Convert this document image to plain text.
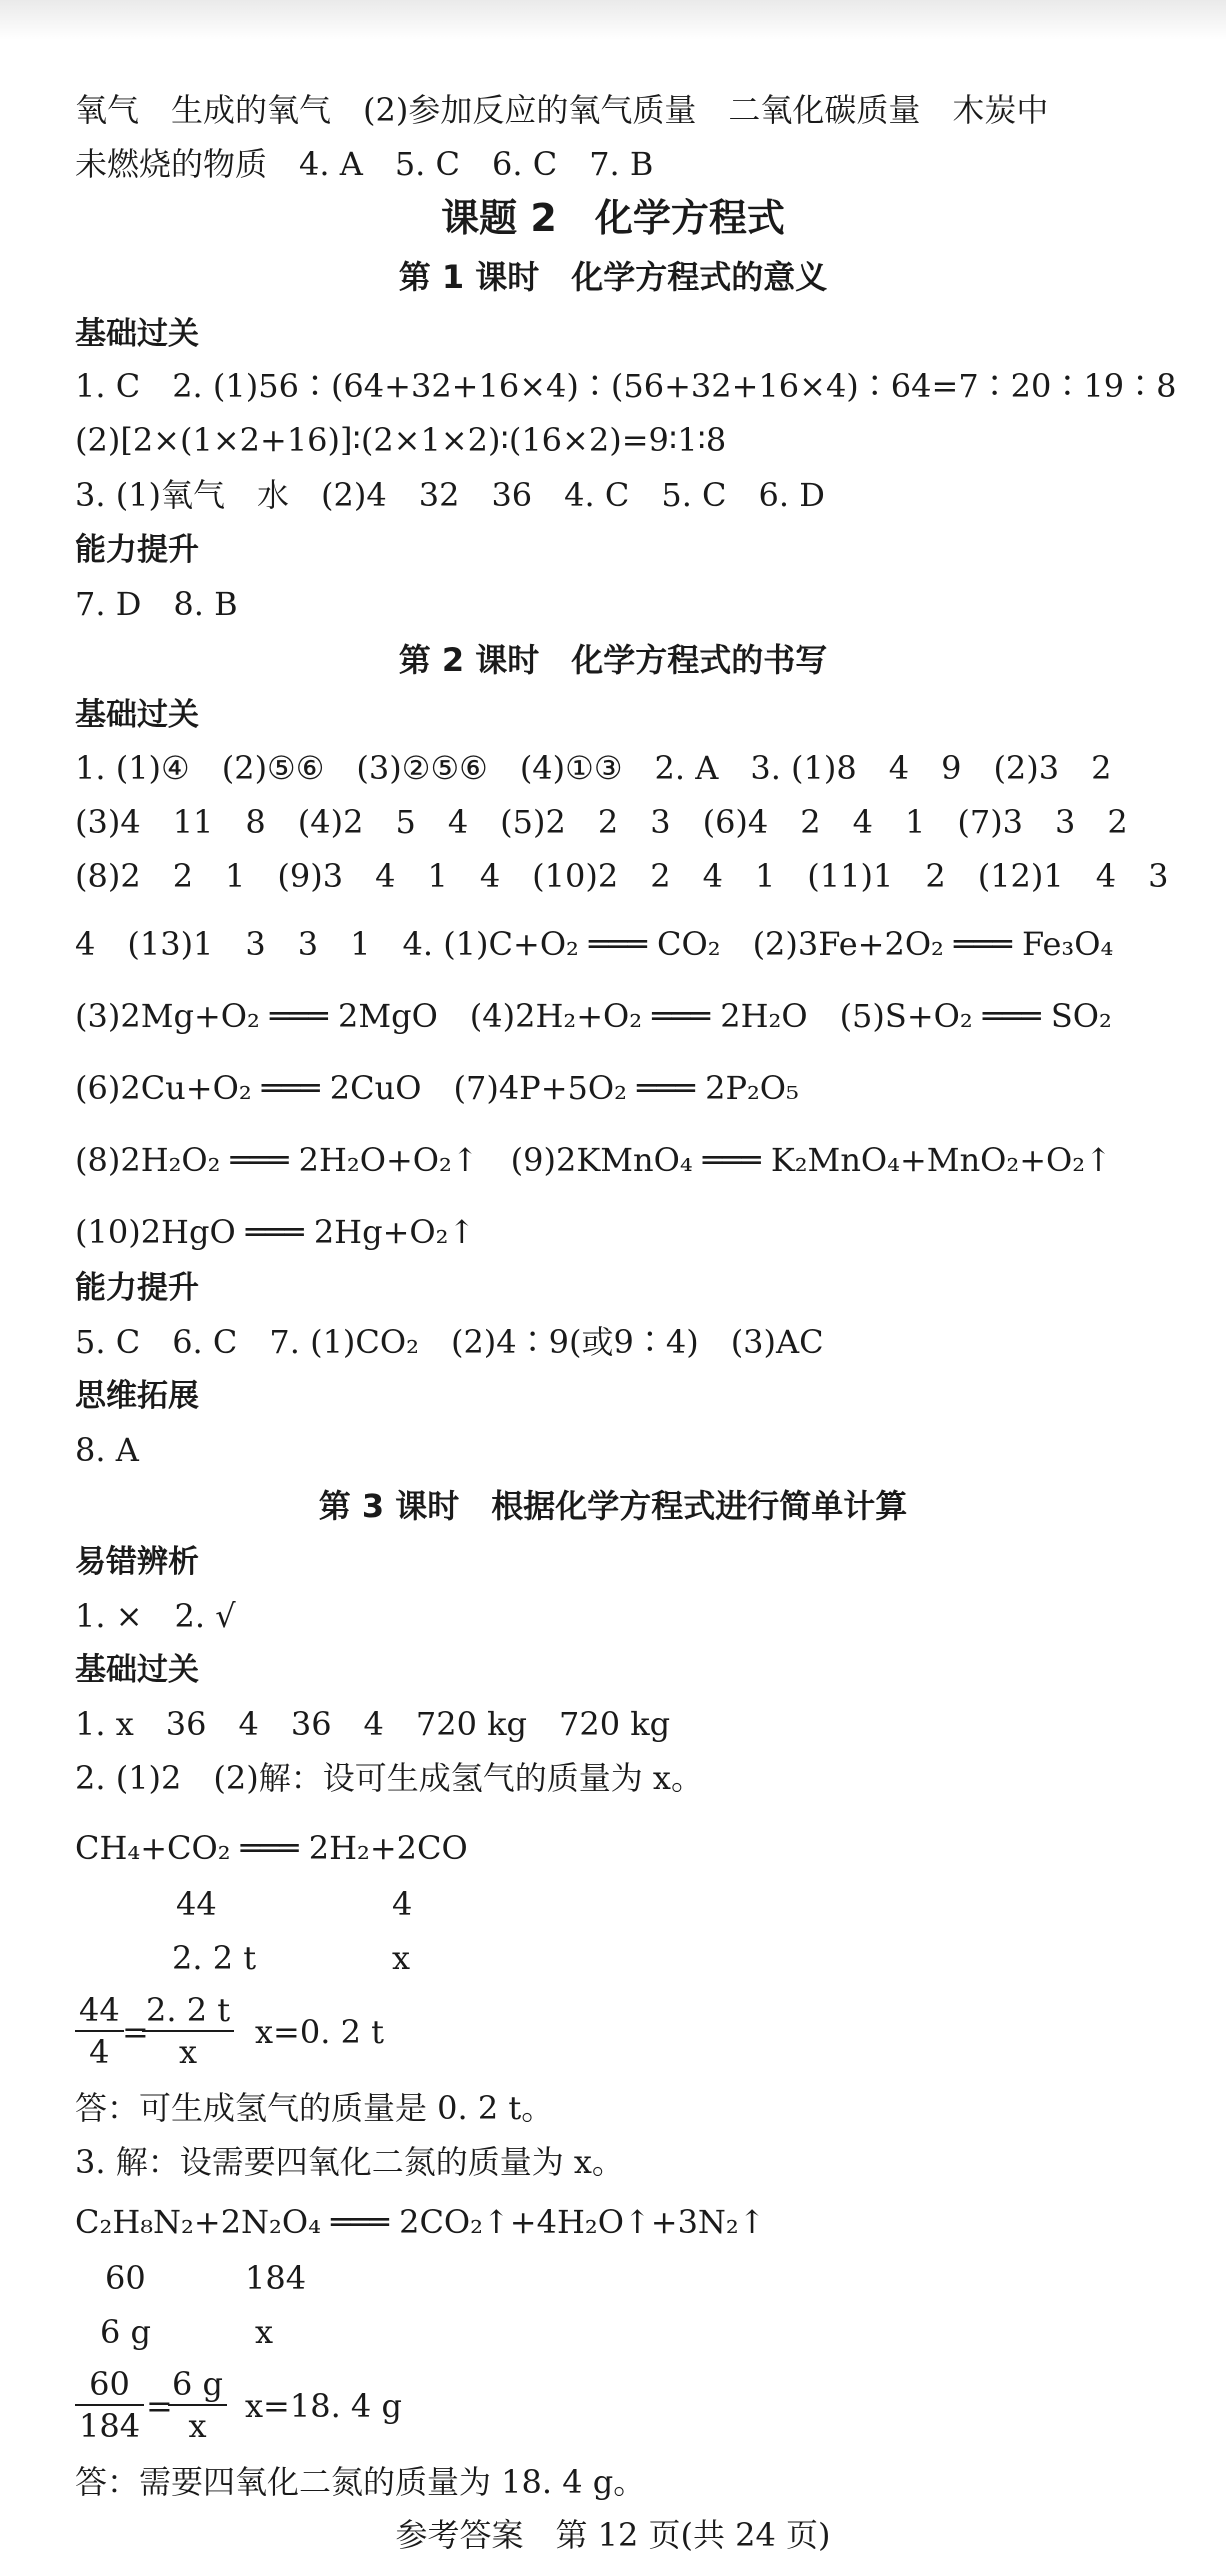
氧气　生成的氧气　(2)参加反应的氧气质量　二氧化碳质量　木炭中
未燃烧的物质　4. A　5. C　6. C　7. B
课题 2　化学方程式
第 1 课时　化学方程式的意义
基础过关
1. C　2. (1)56∶(64+32+16×4)∶(56+32+16×4)∶64=7∶20∶19∶8
(2)[2×(1×2+16)]∶(2×1×2)∶(16×2)=9∶1∶8
3. (1)氧气　水　(2)4　32　36　4. C　5. C　6. D
能力提升
7. D　8. B
第 2 课时　化学方程式的书写
基础过关
1. (1)④　(2)⑤⑥　(3)②⑤⑥　(4)①③　2. A　3. (1)8　4　9　(2)3　2
(3)4　11　8　(4)2　5　4　(5)2　2　3　(6)4　2　4　1　(7)3　3　2
(8)2　2　1　(9)3　4　1　4　(10)2　2　4　1　(11)1　2　(12)1　4　3
4　(13)1　3　3　1　4. (1)C+O₂ ═══ CO₂　(2)3Fe+2O₂ ═══ Fe₃O₄
(3)2Mg+O₂ ═══ 2MgO　(4)2H₂+O₂ ═══ 2H₂O　(5)S+O₂ ═══ SO₂
(6)2Cu+O₂ ═══ 2CuO　(7)4P+5O₂ ═══ 2P₂O₅
(8)2H₂O₂ ═══ 2H₂O+O₂↑　(9)2KMnO₄ ═══ K₂MnO₄+MnO₂+O₂↑
(10)2HgO ═══ 2Hg+O₂↑
能力提升
5. C　6. C　7. (1)CO₂　(2)4∶9(或9∶4)　(3)AC
思维拓展
8. A
第 3 课时　根据化学方程式进行简单计算
易错辨析
1. ×　2. √
基础过关
1. x　36　4　36　4　720 kg　720 kg
2. (1)2　(2)解：设可生成氢气的质量为 x。
CH₄+CO₂ ═══ 2H₂+2CO
44	4
2. 2 t	x
$\frac{44}{4}$
=
$\frac{2. 2 t}{x} x=0$. 2 t
答：可生成氢气的质量是 0. 2 t。
3. 解：设需要四氧化二氮的质量为 x。
C₂H₈N₂+2N₂O₄ ═══ 2CO₂↑+4H₂O↑+3N₂↑
60	184
6 g	x
$\frac{60}{184}$ =
$\frac{6 g}{x} x=18$. 4 g
答：需要四氧化二氮的质量为 18. 4 g。
参考答案　第 12 页(共 24 页)
